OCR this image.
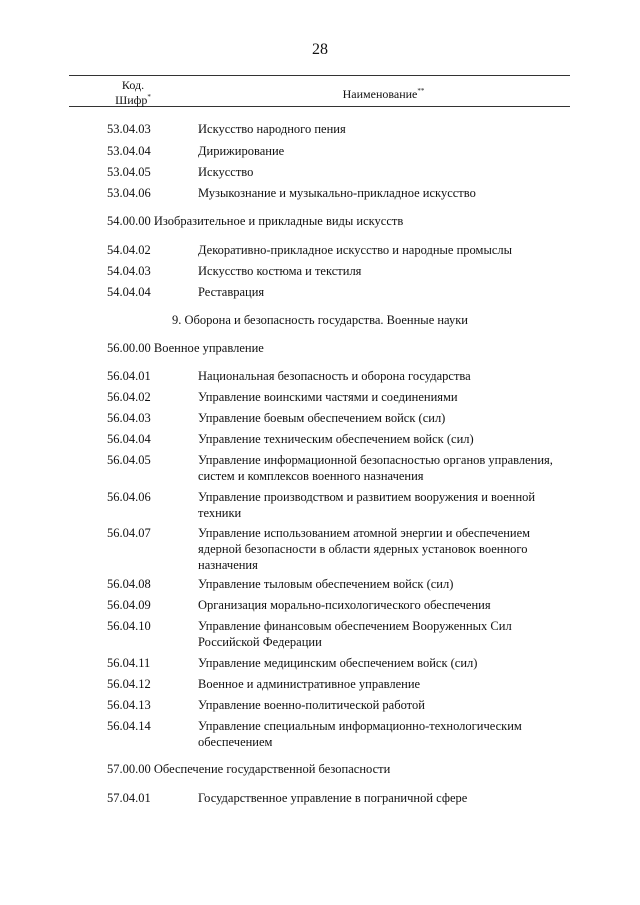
28
Код.
Шифр*	Наименование**
53.04.03	Искусство народного пения
53.04.04	Дирижирование
53.04.05	Искусство
53.04.06	Музыкознание и музыкально-прикладное искусство
54.00.00 Изобразительное и прикладные виды искусств
54.04.02	Декоративно-прикладное искусство и народные промыслы
54.04.03	Искусство костюма и текстиля
54.04.04	Реставрация
9. Оборона и безопасность государства. Военные науки
56.00.00 Военное управление
56.04.01	Национальная безопасность и оборона государства
56.04.02	Управление воинскими частями и соединениями
56.04.03	Управление боевым обеспечением войск (сил)
56.04.04	Управление техническим обеспечением войск (сил)
56.04.05	Управление информационной безопасностью органов управления, систем и комплексов военного назначения
56.04.06	Управление производством и развитием вооружения и военной техники
56.04.07	Управление использованием атомной энергии и обеспечением ядерной безопасности в области ядерных установок военного назначения
56.04.08	Управление тыловым обеспечением войск (сил)
56.04.09	Организация морально-психологического обеспечения
56.04.10	Управление финансовым обеспечением Вооруженных Сил Российской Федерации
56.04.11	Управление медицинским обеспечением войск (сил)
56.04.12	Военное и административное управление
56.04.13	Управление военно-политической работой
56.04.14	Управление специальным информационно-технологическим обеспечением
57.00.00 Обеспечение государственной безопасности
57.04.01	Государственное управление в пограничной сфере
